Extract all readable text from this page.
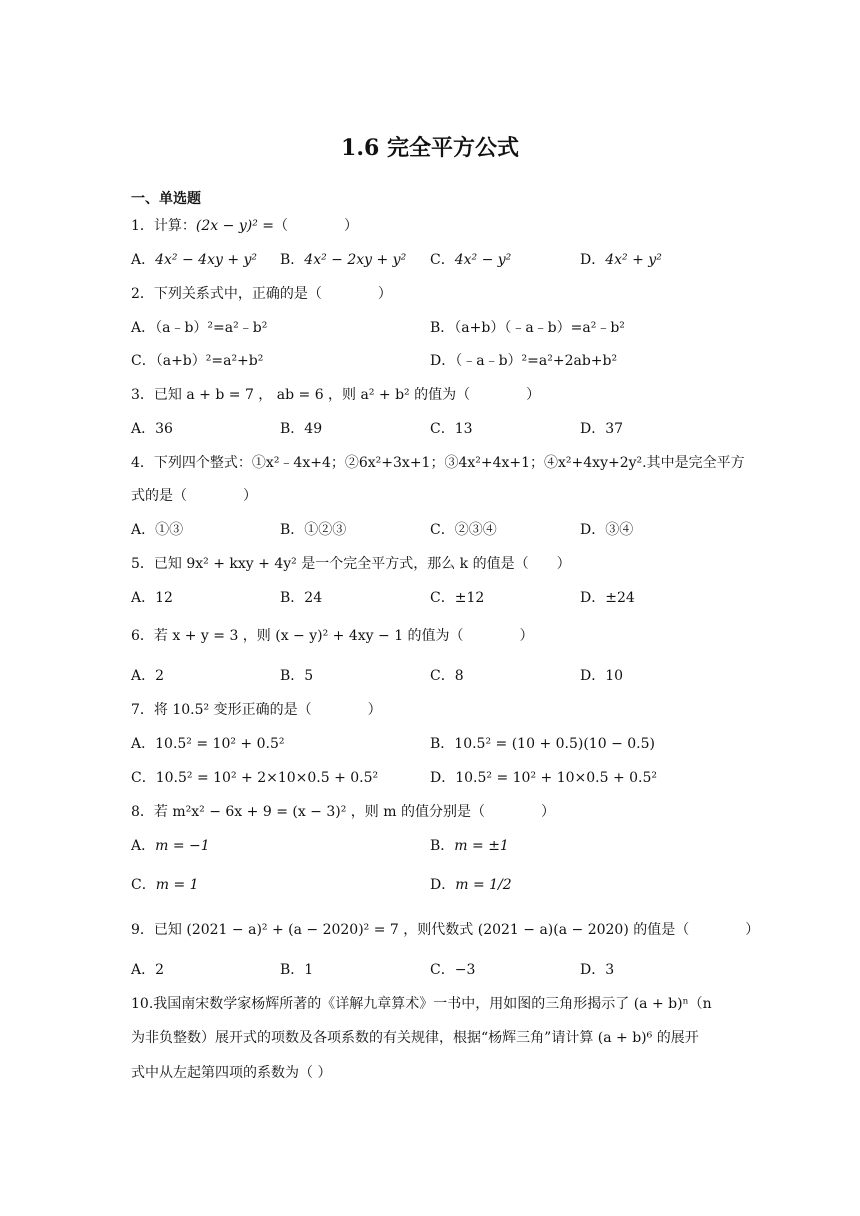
1.6 完全平方公式
一、单选题
1．计算：(2x − y)² =（　　　　）
A．4x² − 4xy + y² B．4x² − 2xy + y² C．4x² − y²	D．4x² + y²
2．下列关系式中，正确的是（　　　　）
A．（a﹣b）²=a²﹣b²	B．（a+b）（﹣a﹣b）=a²﹣b²
C．（a+b）²=a²+b²	D．（﹣a﹣b）²=a²+2ab+b²
3．已知 a + b = 7 ， ab = 6 ，则 a² + b² 的值为（　　　　）
A．36	B．49	C．13	D．37
4．下列四个整式：①x²﹣4x+4；②6x²+3x+1；③4x²+4x+1；④x²+4xy+2y².其中是完全平方
式的是（　　　　）
A．①③	B．①②③	C．②③④	D．③④
5．已知 9x² + kxy + 4y² 是一个完全平方式，那么 k 的值是（　　）
A．12	B．24	C．±12	D．±24
6．若 x + y = 3 ，则 (x − y)² + 4xy − 1 的值为（　　　　）
A．2	B．5	C．8	D．10
7．将 10.5² 变形正确的是（　　　　）
A．10.5² = 10² + 0.5²	B．10.5² = (10 + 0.5)(10 − 0.5)
C．10.5² = 10² + 2×10×0.5 + 0.5²	D．10.5² = 10² + 10×0.5 + 0.5²
8．若 m²x² − 6x + 9 = (x − 3)² ，则 m 的值分别是（　　　　）
A．m = −1	B．m = ±1
C．m = 1	D．m = 1/2
9．已知 (2021 − a)² + (a − 2020)² = 7 ，则代数式 (2021 − a)(a − 2020) 的值是（　　　　）
A．2	B．1	C．−3	D．3
10.我国南宋数学家杨辉所著的《详解九章算术》一书中，用如图的三角形揭示了 (a + b)ⁿ（n
为非负整数）展开式的项数及各项系数的有关规律，根据“杨辉三角”请计算 (a + b)⁶ 的展开
式中从左起第四项的系数为（ ）
